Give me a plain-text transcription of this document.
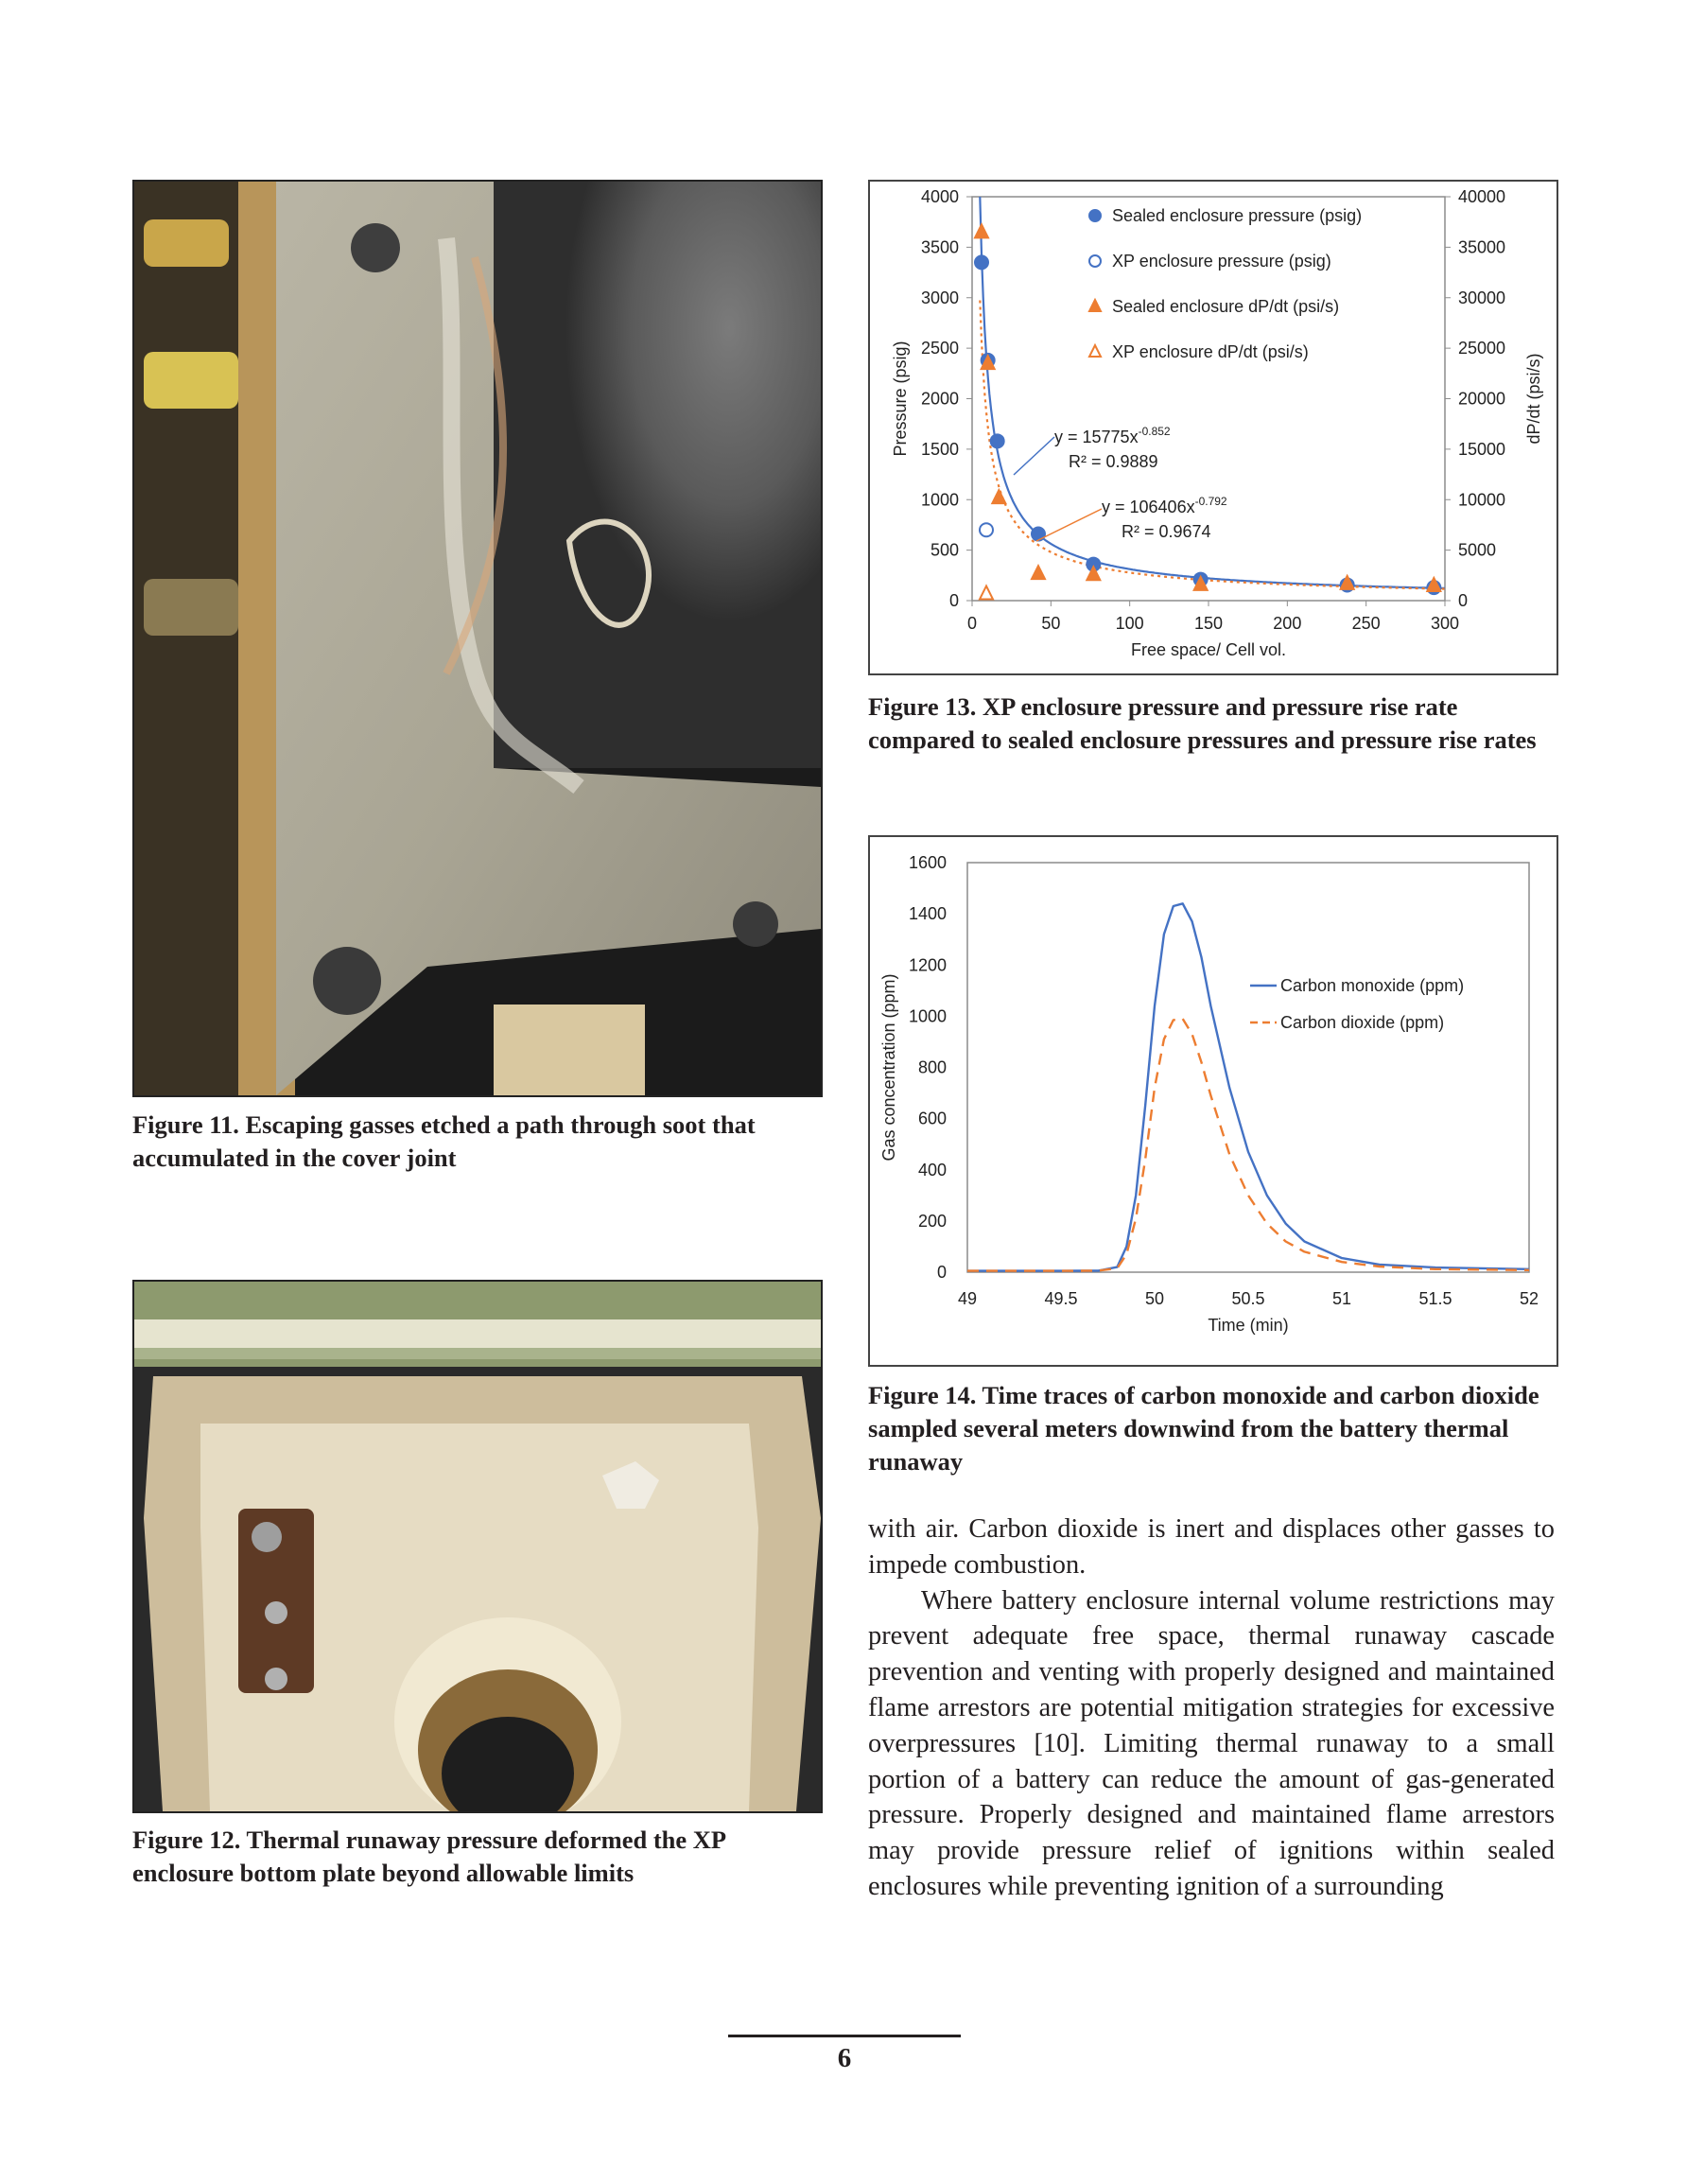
Figure 11. Escaping gasses etched a path through soot that accumulated in the cover joint
Figure 12. Thermal runaway pressure deformed the XP enclosure bottom plate beyond allowable limits
0	50	100	150	200	250	300
0
500
1000
1500
2000
2500
3000
3500
4000
0
5000
10000
15000
20000
25000
30000
35000
40000
Free space/ Cell vol.
Pressure (psig)	dP/dt (psi/s)
Sealed enclosure pressure (psig)
XP enclosure pressure (psig)
Sealed enclosure dP/dt (psi/s)
XP enclosure dP/dt (psi/s)
$y = 15775x^{-0.852}$
R² = 0.9889
$y = 106406x^{-0.792}$
R² = 0.9674
Figure 13. XP enclosure pressure and pressure rise rate compared to sealed enclosure pressures and pressure rise rates
49	49.5	50	50.5	51	51.5	52
0
200
400
600
800
1000
1200
1400
1600
Time (min)
Gas concentration (ppm)	Carbon monoxide (ppm)
Carbon dioxide (ppm)
Figure 14. Time traces of carbon monoxide and carbon dioxide sampled several meters downwind from the battery thermal runaway

with air. Carbon dioxide is inert and displaces other gasses to impede combustion.

Where battery enclosure internal volume restrictions may prevent adequate free space, thermal runaway cascade prevention and venting with properly designed and maintained flame arrestors are potential mitigation strategies for excessive overpressures [10]. Limiting thermal runaway to a small portion of a battery can reduce the amount of gas-generated pressure. Properly designed and maintained flame arrestors may provide pressure relief of ignitions within sealed enclosures while preventing ignition of a surrounding

6
